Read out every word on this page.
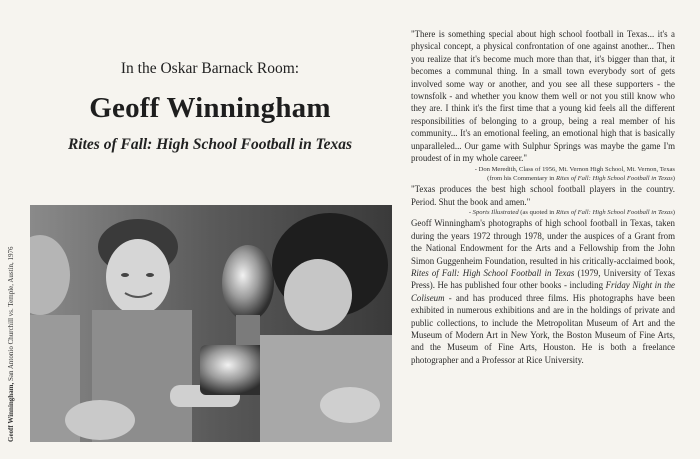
In the Oskar Barnack Room:
Geoff Winningham
Rites of Fall: High School Football in Texas
Geoff Winningham, San Antonio Churchill vs. Temple, Austin, 1976

"There is something special about high school football in Texas... it's a physical concept, a physical confrontation of one against another... Then you realize that it's become much more than that, it's bigger than that, it becomes a communal thing. In a small town everybody sort of gets involved some way or another, and you see all these supporters - the townsfolk - and whether you know them well or not you still know who they are. I think it's the first time that a young kid feels all the different responsibilities of belonging to a group, being a real member of his community... It's an emotional feeling, an emotional high that is basically unparalleled... Our game with Sulphur Springs was maybe the game I'm proudest of in my whole career."

- Don Meredith, Class of 1956, Mt. Vernon High School, Mt. Vernon, Texas
(from his Commentary in Rites of Fall: High School Football in Texas)

"Texas produces the best high school football players in the country. Period. Shut the book and amen."

- Sports Illustrated (as quoted in Rites of Fall: High School Football in Texas)

Geoff Winningham's photographs of high school football in Texas, taken during the years 1972 through 1978, under the auspices of a Grant from the National Endowment for the Arts and a Fellowship from the John Simon Guggenheim Foundation, resulted in his critically-acclaimed book, Rites of Fall: High School Football in Texas (1979, University of Texas Press). He has published four other books - including Friday Night in the Coliseum - and has produced three films. His photographs have been exhibited in numerous exhibitions and are in the holdings of private and public collections, to include the Metropolitan Museum of Art and the Museum of Modern Art in New York, the Boston Museum of Fine Arts, and the Museum of Fine Arts, Houston. He is both a freelance photographer and a Professor at Rice University.
